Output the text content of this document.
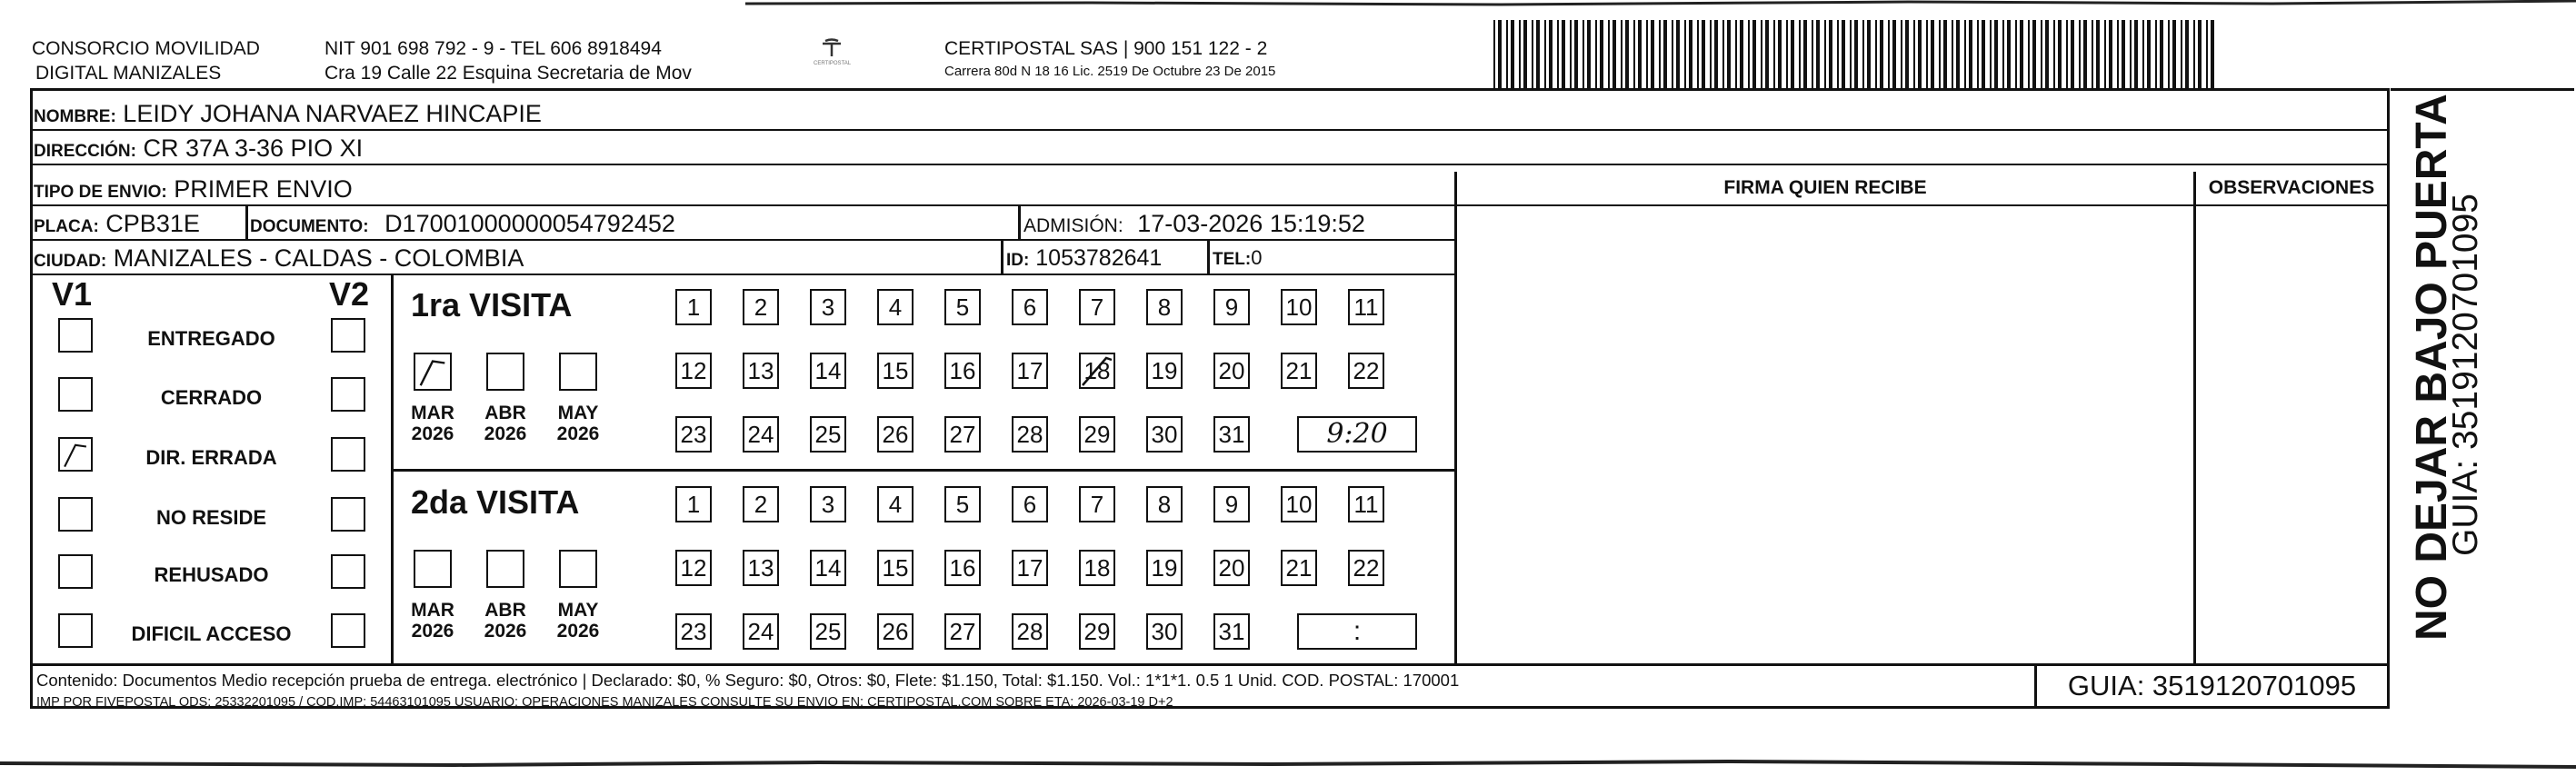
CONSORCIO MOVILIDAD
DIGITAL MANIZALES
NIT 901 698 792 - 9 - TEL 606 8918494
Cra 19 Calle 22 Esquina Secretaria de Mov	CERTIPOSTAL
CERTIPOSTAL SAS | 900 151 122 - 2
Carrera 80d N 18 16 Lic. 2519 De Octubre 23 De 2015
NOMBRE: LEIDY JOHANA NARVAEZ HINCAPIE
DIRECCIÓN: CR 37A 3-36 PIO XI
TIPO DE ENVIO: PRIMER ENVIO
PLACA: CPB31E	DOCUMENTO: D17001000000054792452	ADMISIÓN: 17-03-2026 15:19:52
CIUDAD: MANIZALES - CALDAS - COLOMBIA	ID: 1053782641	TEL:0
FIRMA QUIEN RECIBE	OBSERVACIONES
V1	V2
ENTREGADO
CERRADO
DIR. ERRADA
NO RESIDE
REHUSADO
DIFICIL ACCESO
1ra VISITA
MAR
2026
ABR
2026
MAY
2026
1	2	3	4	5	6	7	8	9	10 11
12 13 14 15 16 17 18 19 20 21 22
23 24 25 26 27 28 29 30 31	9:20
2da VISITA
MAR
2026
ABR
2026
MAY
2026
1	2	3	4	5	6	7	8	9	10 11
12 13 14 15 16 17 18 19 20 21 22
23 24 25 26 27 28 29 30 31	:
Contenido: Documentos Medio recepción prueba de entrega. electrónico | Declarado: $0, % Seguro: $0, Otros: $0, Flete: $1.150, Total: $1.150. Vol.: 1*1*1. 0.5 1 Unid. COD. POSTAL: 170001
IMP POR FIVEPOSTAL ODS: 25332201095 / COD.IMP: 54463101095 USUARIO: OPERACIONES MANIZALES CONSULTE SU ENVIO EN: CERTIPOSTAL.COM SOBRE ETA: 2026-03-19 D+2
GUIA: 3519120701095
NO DEJAR BAJO PUERTA
GUIA: 3519120701095
